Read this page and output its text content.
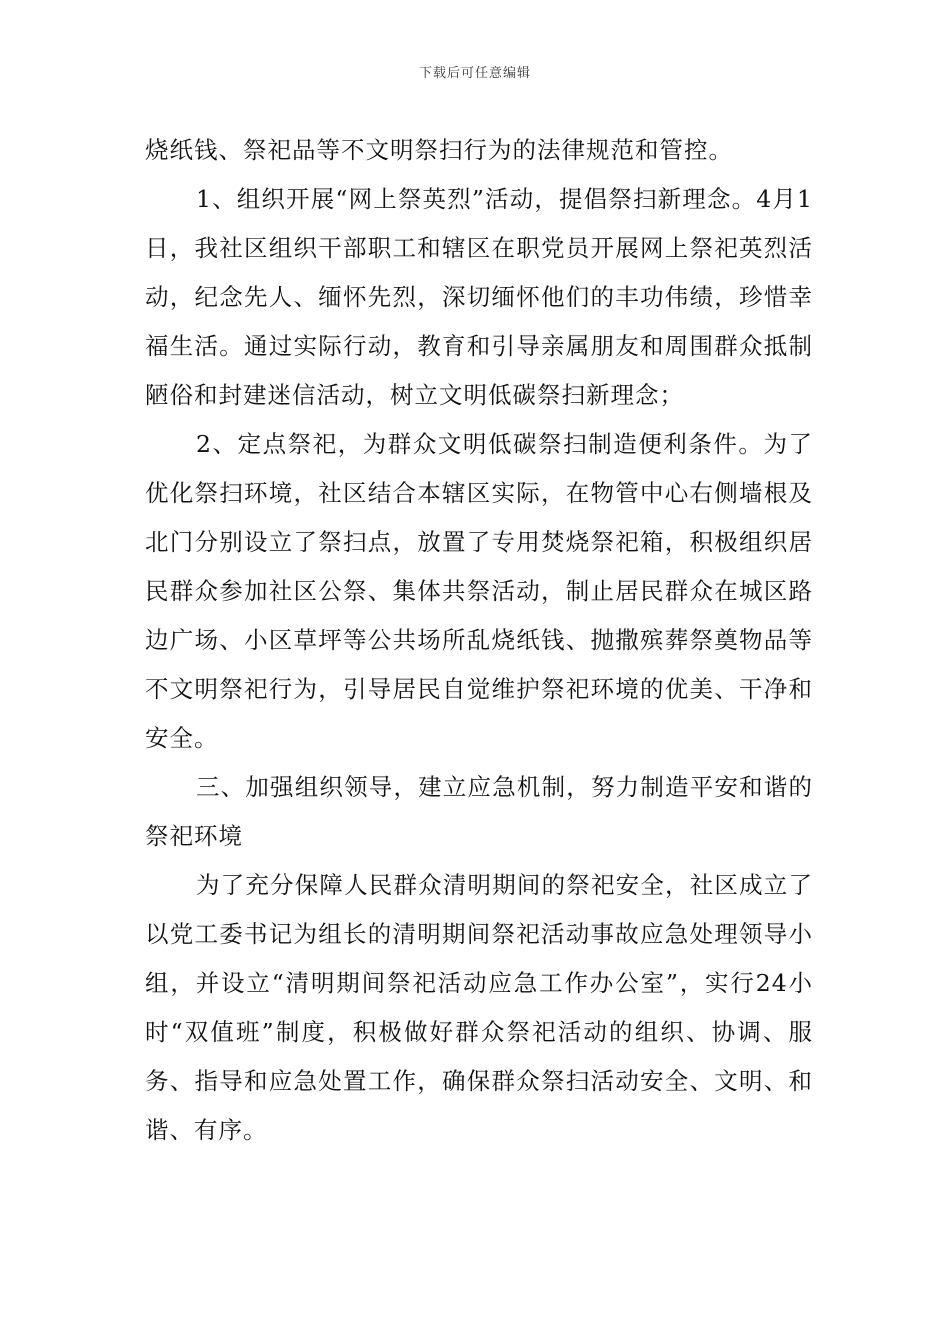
下载后可任意编辑

烧纸钱、祭祀品等不文明祭扫行为的法律规范和管控。

1、组织开展“网上祭英烈”活动，提倡祭扫新理念。4月1日，我社区组织干部职工和辖区在职党员开展网上祭祀英烈活动，纪念先人、缅怀先烈，深切缅怀他们的丰功伟绩，珍惜幸福生活。通过实际行动，教育和引导亲属朋友和周围群众抵制陋俗和封建迷信活动，树立文明低碳祭扫新理念；

2、定点祭祀，为群众文明低碳祭扫制造便利条件。为了优化祭扫环境，社区结合本辖区实际，在物管中心右侧墙根及北门分别设立了祭扫点，放置了专用焚烧祭祀箱，积极组织居民群众参加社区公祭、集体共祭活动，制止居民群众在城区路边广场、小区草坪等公共场所乱烧纸钱、抛撒殡葬祭奠物品等不文明祭祀行为，引导居民自觉维护祭祀环境的优美、干净和安全。

三、加强组织领导，建立应急机制，努力制造平安和谐的祭祀环境

为了充分保障人民群众清明期间的祭祀安全，社区成立了以党工委书记为组长的清明期间祭祀活动事故应急处理领导小组，并设立“清明期间祭祀活动应急工作办公室”，实行24小时“双值班”制度，积极做好群众祭祀活动的组织、协调、服务、指导和应急处置工作，确保群众祭扫活动安全、文明、和谐、有序。
